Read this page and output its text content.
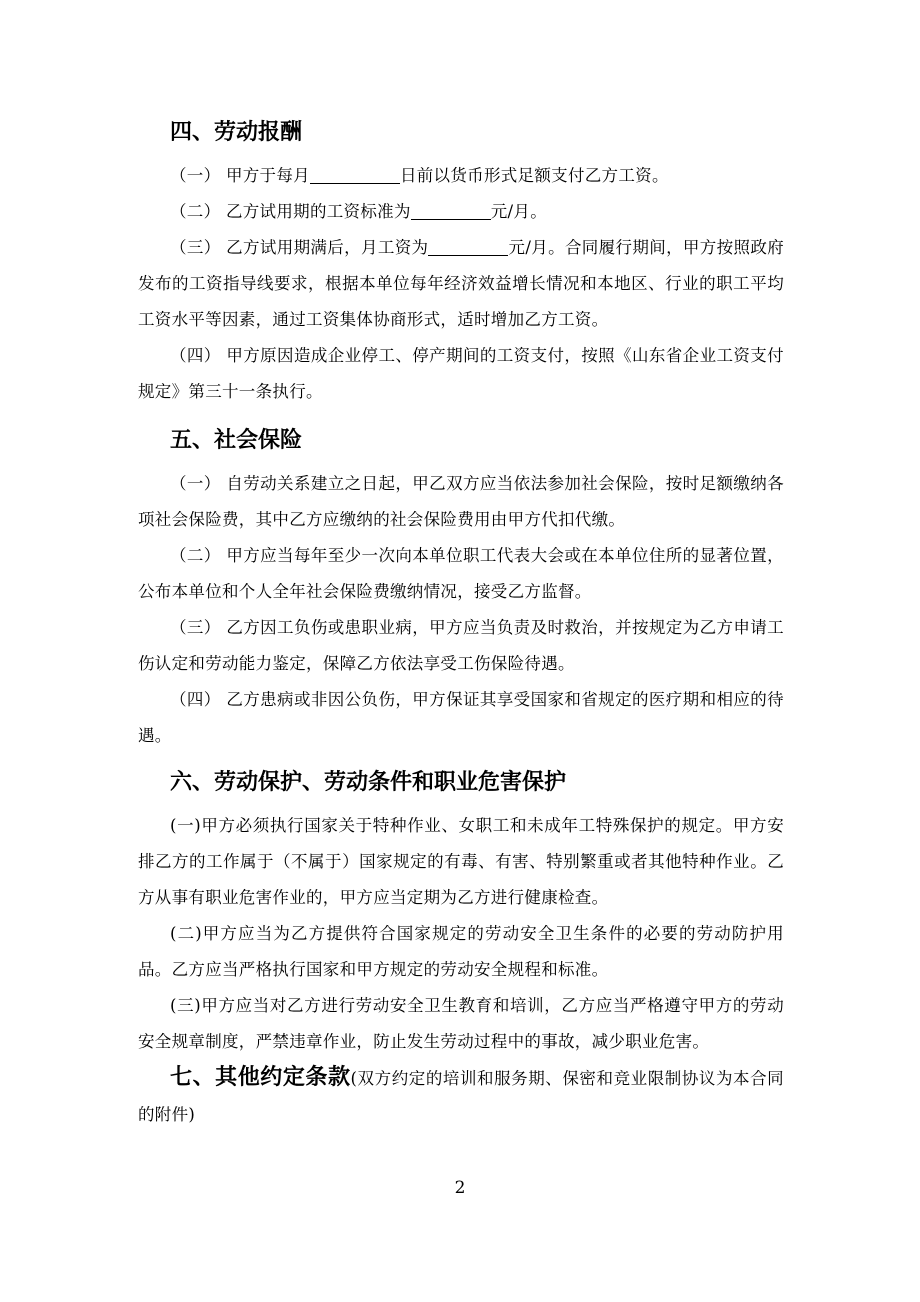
四、劳动报酬

（一） 甲方于每月	日前以货币形式足额支付乙方工资。

（二） 乙方试用期的工资标准为	元/月。

（三） 乙方试用期满后，月工资为	元/月。合同履行期间，甲方按照政府发布的工资指导线要求，根据本单位每年经济效益增长情况和本地区、行业的职工平均工资水平等因素，通过工资集体协商形式，适时增加乙方工资。

（四） 甲方原因造成企业停工、停产期间的工资支付，按照《山东省企业工资支付规定》第三十一条执行。

五、社会保险

（一） 自劳动关系建立之日起，甲乙双方应当依法参加社会保险，按时足额缴纳各项社会保险费，其中乙方应缴纳的社会保险费用由甲方代扣代缴。

（二） 甲方应当每年至少一次向本单位职工代表大会或在本单位住所的显著位置，公布本单位和个人全年社会保险费缴纳情况，接受乙方监督。

（三） 乙方因工负伤或患职业病，甲方应当负责及时救治，并按规定为乙方申请工伤认定和劳动能力鉴定，保障乙方依法享受工伤保险待遇。

（四） 乙方患病或非因公负伤，甲方保证其享受国家和省规定的医疗期和相应的待遇。

六、劳动保护、劳动条件和职业危害保护

(一)甲方必须执行国家关于特种作业、女职工和未成年工特殊保护的规定。甲方安排乙方的工作属于（不属于）国家规定的有毒、有害、特别繁重或者其他特种作业。乙方从事有职业危害作业的，甲方应当定期为乙方进行健康检查。

(二)甲方应当为乙方提供符合国家规定的劳动安全卫生条件的必要的劳动防护用品。乙方应当严格执行国家和甲方规定的劳动安全规程和标准。

(三)甲方应当对乙方进行劳动安全卫生教育和培训，乙方应当严格遵守甲方的劳动安全规章制度，严禁违章作业，防止发生劳动过程中的事故，减少职业危害。

七、其他约定条款(双方约定的培训和服务期、保密和竞业限制协议为本合同的附件)

2
